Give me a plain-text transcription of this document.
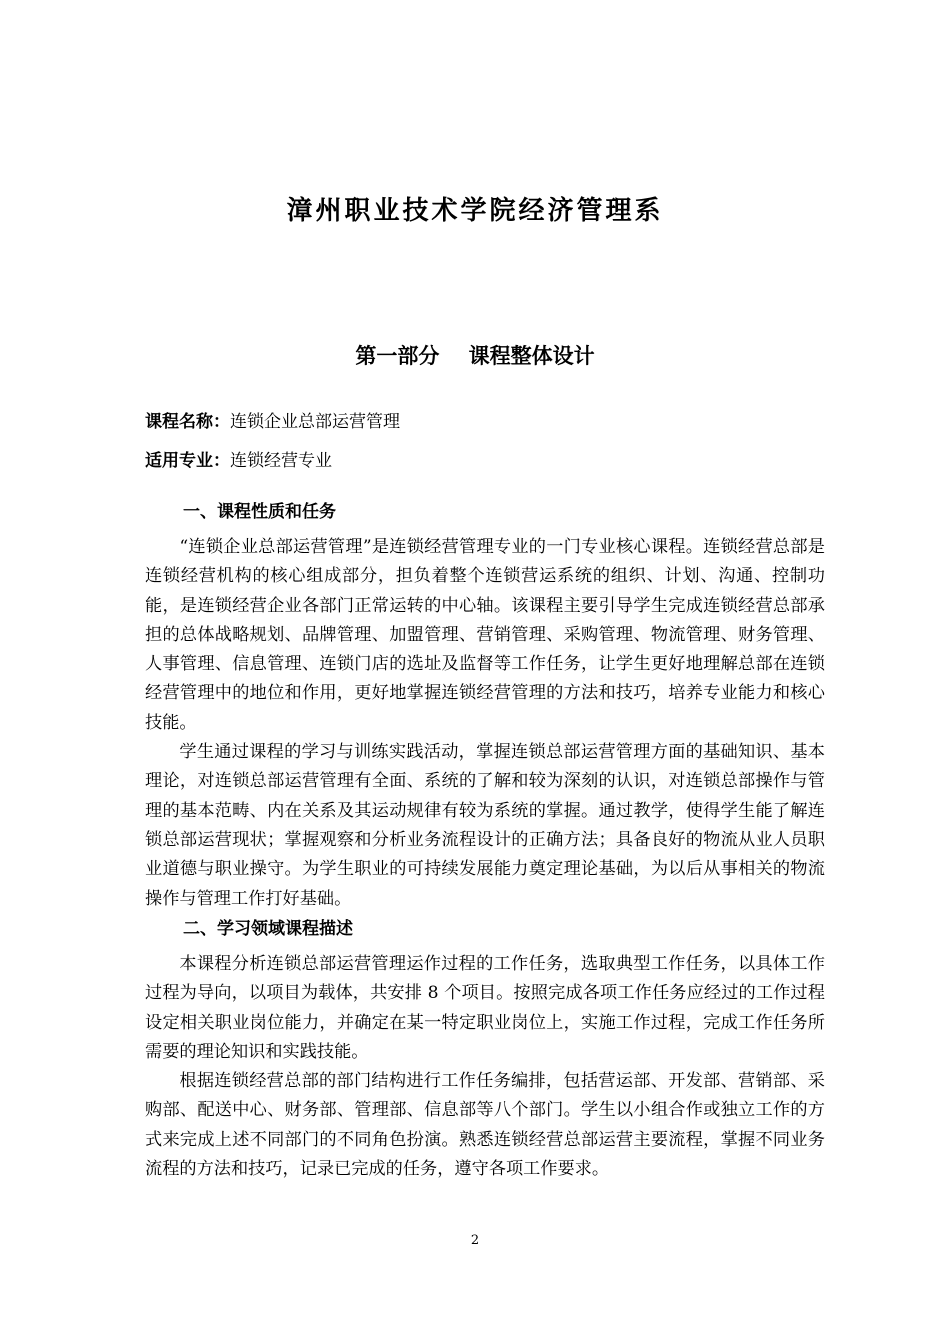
漳州职业技术学院经济管理系
第一部分    课程整体设计
课程名称：连锁企业总部运营管理
适用专业：连锁经营专业
一、课程性质和任务

“连锁企业总部运营管理”是连锁经营管理专业的一门专业核心课程。连锁经营总部是连锁经营机构的核心组成部分，担负着整个连锁营运系统的组织、计划、沟通、控制功能，是连锁经营企业各部门正常运转的中心轴。该课程主要引导学生完成连锁经营总部承担的总体战略规划、品牌管理、加盟管理、营销管理、采购管理、物流管理、财务管理、人事管理、信息管理、连锁门店的选址及监督等工作任务，让学生更好地理解总部在连锁经营管理中的地位和作用，更好地掌握连锁经营管理的方法和技巧，培养专业能力和核心技能。

学生通过课程的学习与训练实践活动，掌握连锁总部运营管理方面的基础知识、基本理论，对连锁总部运营管理有全面、系统的了解和较为深刻的认识，对连锁总部操作与管理的基本范畴、内在关系及其运动规律有较为系统的掌握。通过教学，使得学生能了解连锁总部运营现状；掌握观察和分析业务流程设计的正确方法；具备良好的物流从业人员职业道德与职业操守。为学生职业的可持续发展能力奠定理论基础，为以后从事相关的物流操作与管理工作打好基础。

二、学习领域课程描述

本课程分析连锁总部运营管理运作过程的工作任务，选取典型工作任务，以具体工作过程为导向，以项目为载体，共安排 8 个项目。按照完成各项工作任务应经过的工作过程设定相关职业岗位能力，并确定在某一特定职业岗位上，实施工作过程，完成工作任务所需要的理论知识和实践技能。

根据连锁经营总部的部门结构进行工作任务编排，包括营运部、开发部、营销部、采购部、配送中心、财务部、管理部、信息部等八个部门。学生以小组合作或独立工作的方式来完成上述不同部门的不同角色扮演。熟悉连锁经营总部运营主要流程，掌握不同业务流程的方法和技巧，记录已完成的任务，遵守各项工作要求。

2
